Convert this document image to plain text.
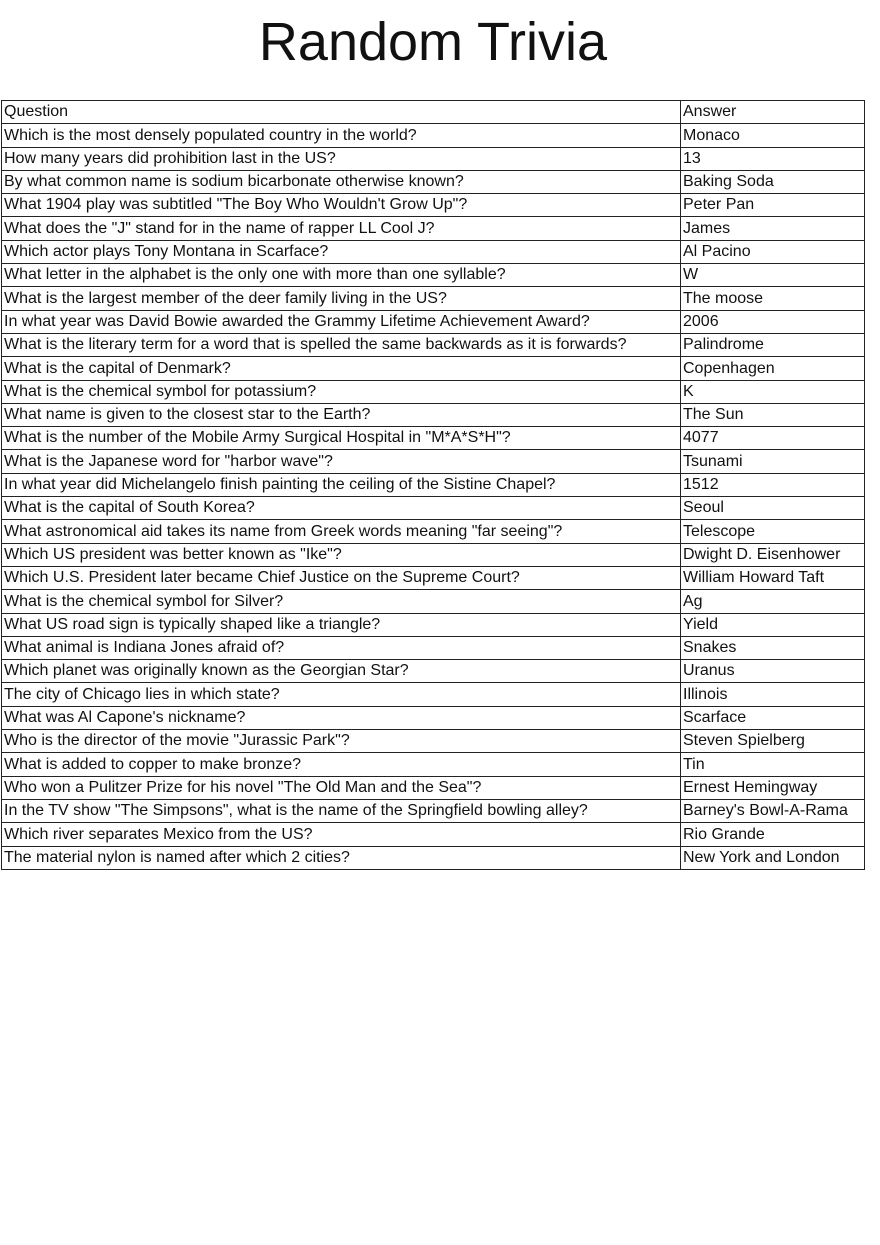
Random Trivia
Question	Answer
Which is the most densely populated country in the world?	Monaco
How many years did prohibition last in the US?	13
By what common name is sodium bicarbonate otherwise known?	Baking Soda
What 1904 play was subtitled "The Boy Who Wouldn't Grow Up"?	Peter Pan
What does the "J" stand for in the name of rapper LL Cool J?	James
Which actor plays Tony Montana in Scarface?	Al Pacino
What letter in the alphabet is the only one with more than one syllable?	W
What is the largest member of the deer family living in the US?	The moose
In what year was David Bowie awarded the Grammy Lifetime Achievement Award?	2006
What is the literary term for a word that is spelled the same backwards as it is forwards?	Palindrome
What is the capital of Denmark?	Copenhagen
What is the chemical symbol for potassium?	K
What name is given to the closest star to the Earth?	The Sun
What is the number of the Mobile Army Surgical Hospital in "M*A*S*H"?	4077
What is the Japanese word for "harbor wave"?	Tsunami
In what year did Michelangelo finish painting the ceiling of the Sistine Chapel?	1512
What is the capital of South Korea?	Seoul
What astronomical aid takes its name from Greek words meaning "far seeing"?	Telescope
Which US president was better known as "Ike"?	Dwight D. Eisenhower
Which U.S. President later became Chief Justice on the Supreme Court?	William Howard Taft
What is the chemical symbol for Silver?	Ag
What US road sign is typically shaped like a triangle?	Yield
What animal is Indiana Jones afraid of?	Snakes
Which planet was originally known as the Georgian Star?	Uranus
The city of Chicago lies in which state?	Illinois
What was Al Capone's nickname?	Scarface
Who is the director of the movie "Jurassic Park"?	Steven Spielberg
What is added to copper to make bronze?	Tin
Who won a Pulitzer Prize for his novel "The Old Man and the Sea"?	Ernest Hemingway
In the TV show "The Simpsons", what is the name of the Springfield bowling alley?	Barney's Bowl-A-Rama
Which river separates Mexico from the US?	Rio Grande
The material nylon is named after which 2 cities?	New York and London
